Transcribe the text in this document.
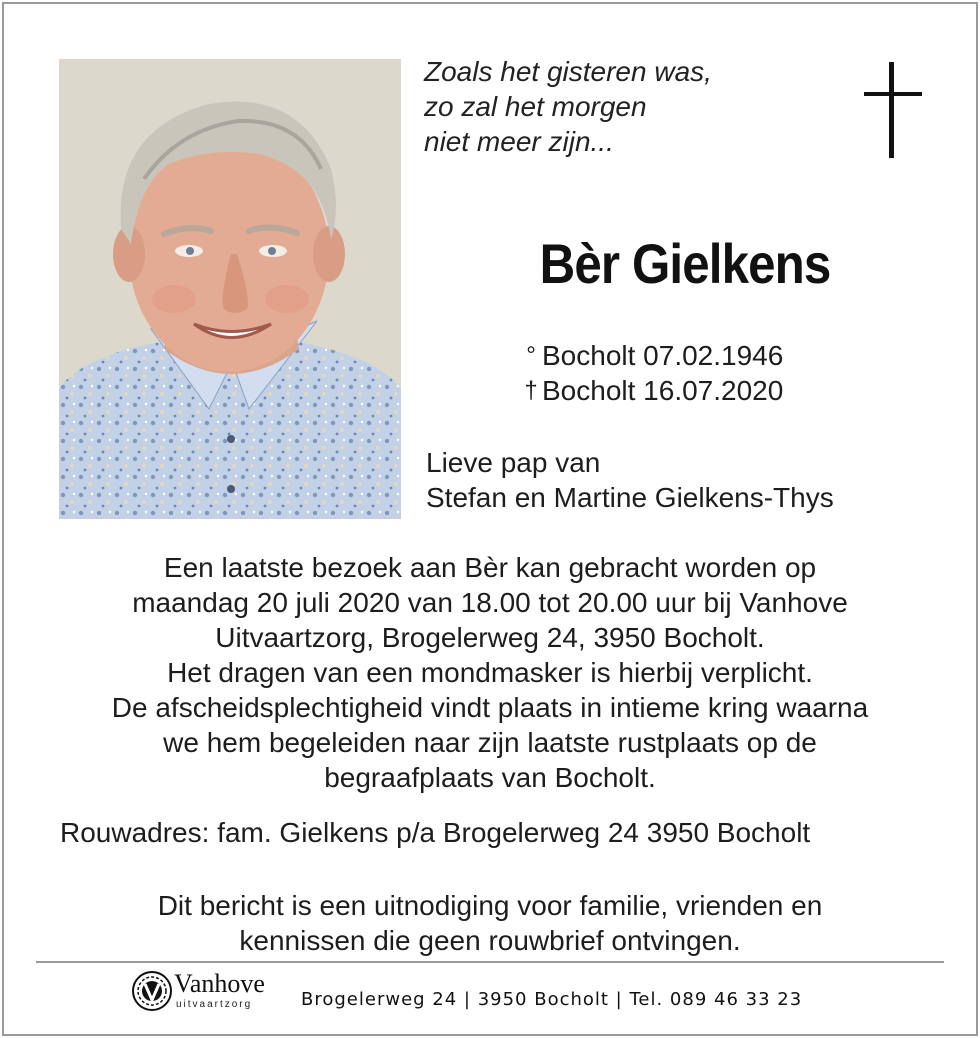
Zoals het gisteren was,
zo zal het morgen
niet meer zijn...
Bèr Gielkens
° Bocholt 07.02.1946
† Bocholt 16.07.2020
Lieve pap van
Stefan en Martine Gielkens-Thys
Een laatste bezoek aan Bèr kan gebracht worden op
maandag 20 juli 2020 van 18.00 tot 20.00 uur bij Vanhove
Uitvaartzorg, Brogelerweg 24, 3950 Bocholt.
Het dragen van een mondmasker is hierbij verplicht.
De afscheidsplechtigheid vindt plaats in intieme kring waarna
we hem begeleiden naar zijn laatste rustplaats op de
begraafplaats van Bocholt.
Rouwadres: fam. Gielkens p/a Brogelerweg 24 3950 Bocholt
Dit bericht is een uitnodiging voor familie, vrienden en
kennissen die geen rouwbrief ontvingen.
Vanhove
uitvaartzorg	Brogelerweg 24 | 3950 Bocholt | Tel. 089 46 33 23
